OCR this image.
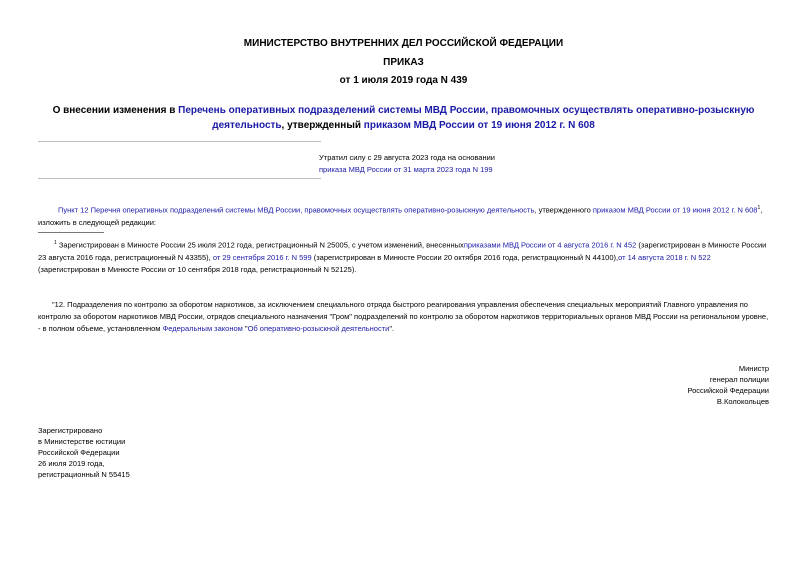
МИНИСТЕРСТВО ВНУТРЕННИХ ДЕЛ РОССИЙСКОЙ ФЕДЕРАЦИИ
ПРИКАЗ
от 1 июля 2019 года N 439
О внесении изменения в Перечень оперативных подразделений системы МВД России, правомочных осуществлять оперативно-розыскную деятельность, утвержденный приказом МВД России от 19 июня 2012 г. N 608
Утратил силу с 29 августа 2023 года на основании
приказа МВД России от 31 марта 2023 года N 199
Пункт 12 Перечня оперативных подразделений системы МВД России, правомочных осуществлять оперативно-розыскную деятельность, утвержденного приказом МВД России от 19 июня 2012 г. N $608^1$, изложить в следующей редакции:
$^1$ Зарегистрирован в Минюсте России 25 июля 2012 года, регистрационный N 25005, с учетом изменений, внесенныхприказами МВД России от 4 августа 2016 г. N 452 (зарегистрирован в Минюсте России 23 августа 2016 года, регистрационный N 43355), от 29 сентября 2016 г. N 599 (зарегистрирован в Минюсте России 20 октября 2016 года, регистрационный N 44100),от 14 августа 2018 г. N 522 (зарегистрирован в Минюсте России от 10 сентября 2018 года, регистрационный N 52125).
"12. Подразделения по контролю за оборотом наркотиков, за исключением специального отряда быстрого реагирования управления обеспечения специальных мероприятий Главного управления по контролю за оборотом наркотиков МВД России, отрядов специального назначения "Гром" подразделений по контролю за оборотом наркотиков территориальных органов МВД России на региональном уровне, - в полном объеме, установленном Федеральным законом "Об оперативно-розыскной деятельности".
Министр
генерал полиции
Российской Федерации
В.Колокольцев
Зарегистрировано
в Министерстве юстиции
Российской Федерации
26 июля 2019 года,
регистрационный N 55415
